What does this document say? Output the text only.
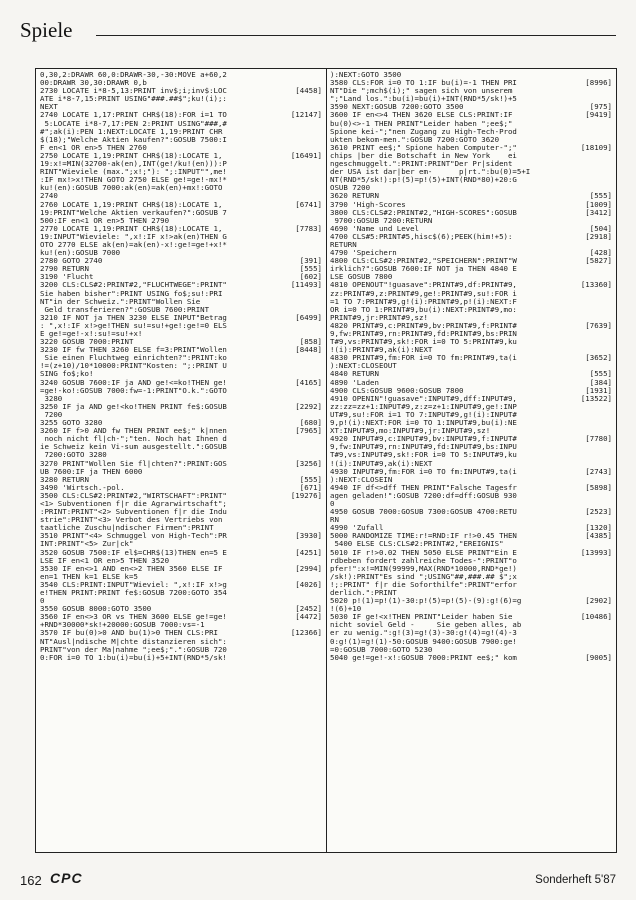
Spiele
0,30,2:DRAWR 60,0:DRAWR-30,-30:MOVE a+60,2
00:DRAWR 30,30:DRAWR 0,b
2730 LOCATE i*8-5,13:PRINT inv$;i;inv$:LOC	[4458]
ATE i*8-7,15:PRINT USING"###.##$";ku!(i);:
NEXT
2740 LOCATE 1,17:PRINT CHR$(18):FOR i=1 TO	[12147]
5:LOCATE i*8-7,17:PEN 2:PRINT USING"###,#
#";ak(i):PEN 1:NEXT:LOCATE 1,19:PRINT CHR
$(18);"Welche Aktien kaufen?":GOSUB 7500:I
F en<1 OR en>5 THEN 2760
2750 LOCATE 1,19:PRINT CHR$(18):LOCATE 1,	[16491]
19:x!=MIN(32700-ak(en),INT(ge!/ku!(en))):P
RINT"Wieviele (max.";x!;"): ";:INPUT"",me!
:IF mx!>x!THEN GOTO 2750 ELSE ge!=ge!-mx!*
ku!(en):GOSUB 7000:ak(en)=ak(en)+mx!:GOTO
2740
2760 LOCATE 1,19:PRINT CHR$(18):LOCATE 1,	[6741]
19:PRINT"Welche Aktien verkaufen?":GOSUB 7
500:IF en<1 OR en>5 THEN 2790
2770 LOCATE 1,19:PRINT CHR$(18):LOCATE 1,	[7783]
19:INPUT"Wieviele: ",x!:IF x!>ak(en)THEN G
OTO 2770 ELSE ak(en)=ak(en)-x!:ge!=ge!+x!*
ku!(en):GOSUB 7000
2780 GOTO 2740	[391]
2790 RETURN	[555]
3190 'Flucht	[602]
3200 CLS:CLS#2:PRINT#2,"FLUCHTWEGE":PRINT"	[11493]
Sie haben bisher":PRINT USING fo$;su!:PRI
NT"in der Schweiz.":PRINT"Wollen Sie
Geld transferieren?":GOSUB 7600:PRINT
3210 IF NOT ja THEN 3230 ELSE INPUT"Betrag	[6499]
: ",x!:IF x!>ge!THEN su!=su!+ge!:ge!=0 ELS
E ge!=ge!-x!:su!=su!+x!
3220 GOSUB 7000:PRINT	[858]
3230 IF fw THEN 3260 ELSE f=3:PRINT"Wollen	[8448]
Sie einen Fluchtweg einrichten?":PRINT:ko
!=(z+10)/10*10000:PRINT"Kosten: ";:PRINT U
SING fo$;ko!
3240 GOSUB 7600:IF ja AND ge!<=ko!THEN ge!	[4165]
=ge!-ko!:GOSUB 7000:fw=-1:PRINT"O.k.":GOTO
3280
3250 IF ja AND ge!<ko!THEN PRINT fe$:GOSUB	[2292]
7200
3255 GOTO 3280	[680]
3260 IF f>0 AND fw THEN PRINT ee$;" k|nnen	[7965]
noch nicht fl|ch-";"ten. Noch hat Ihnen d
ie Schweiz kein Vi-sum ausgestellt.":GOSUB
7200:GOTO 3280
3270 PRINT"Wollen Sie fl|chten?":PRINT:GOS	[3256]
UB 7600:IF ja THEN 6000
3280 RETURN	[555]
3490 'Wirtsch.-pol.	[671]
3500 CLS:CLS#2:PRINT#2,"WIRTSCHAFT":PRINT"	[19276]
<1> Subventionen f|r die Agrarwirtschaft";
:PRINT:PRINT"<2> Subventionen f|r die Indu
strie":PRINT"<3> Verbot des Vertriebs von
taatliche Zuschu|ndischer Firmen":PRINT
3510 PRINT"<4> Schmuggel von High-Tech":PR	[3930]
INT:PRINT"<5> Zur|ck"
3520 GOSUB 7500:IF el$=CHR$(13)THEN en=5 E	[4251]
LSE IF en<1 OR en>5 THEN 3520
3530 IF en<>1 AND en<>2 THEN 3560 ELSE IF	[2994]
en=1 THEN k=1 ELSE k=5
3540 CLS:PRINT:INPUT"Wieviel: ",x!:IF x!>g	[4026]
e!THEN PRINT:PRINT fe$:GOSUB 7200:GOTO 354
0
3550 GOSUB 8000:GOTO 3500	[2452]
3560 IF en<>3 OR vs THEN 3600 ELSE ge!=ge!	[4472]
+RND*30000*sk!+20000:GOSUB 7000:vs=-1
3570 IF bu(0)>0 AND bu(1)>0 THEN CLS:PRI	[12366]
NT"Ausl|ndische M|chte distanzieren sich":
PRINT"von der Ma|nahme ";ee$;".":GOSUB 720
0:FOR i=0 TO 1:bu(i)=bu(i)+5+INT(RND*5/sk!
):NEXT:GOTO 3500
3580 CLS:FOR i=0 TO 1:IF bu(i)=-1 THEN PRI	[8996]
NT"Die ";mch$(i);" sagen sich von unserem
";"Land los.":bu(i)=bu(i)+INT(RND*5/sk!)+5
3590 NEXT:GOSUB 7200:GOTO 3500	[975]
3600 IF en<>4 THEN 3620 ELSE CLS:PRINT:IF	[9419]
bu(0)<>-1 THEN PRINT"Leider haben ";ee$;"
Spione kei-";"nen Zugang zu High-Tech-Prod
ukten bekom-men.":GOSUB 7200:GOTO 3620
3610 PRINT ee$;" Spione haben Computer-";"	[18109]
chips |ber die Botschaft in New York    ei
ngeschmuggelt.":PRINT:PRINT"Der Pr|sident
der USA ist dar|ber em-      p|rt.":bu(0)=5+I
NT(RND*5/sk!):p!(5)=p!(5)+INT(RND*80)+20:G
OSUB 7200
3620 RETURN	[555]
3790 'High-Scores	[1009]
3800 CLS:CLS#2:PRINT#2,"HIGH-SCORES":GOSUB	[3412]
9700:GOSUB 7200:RETURN
4690 'Name und Level	[504]
4700 CLS#5:PRINT#5,hisc$(6);PEEK(him!+5):	[2918]
RETURN
4790 'Speichern	[428]
4800 CLS:CLS#2:PRINT#2,"SPEICHERN":PRINT"W	[5827]
irklich?":GOSUB 7600:IF NOT ja THEN 4840 E
LSE GOSUB 7800
4810 OPENOUT"!guasave":PRINT#9,df:PRINT#9,	[13360]
zz:PRINT#9,z:PRINT#9,ge!:PRINT#9,su!:FOR i
=1 TO 7:PRINT#9,g!(i):PRINT#9,p!(i):NEXT:F
OR i=0 TO 1:PRINT#9,bu(i):NEXT:PRINT#9,mo:
PRINT#9,jr:PRINT#9,sz!
4820 PRINT#9,c:PRINT#9,bv:PRINT#9,f:PRINT#	[7639]
9,fw:PRINT#9,rn:PRINT#9,fd:PRINT#9,bs:PRIN
T#9,vs:PRINT#9,sk!:FOR i=0 TO 5:PRINT#9,ku
!(i):PRINT#9,ak(i):NEXT
4830 PRINT#9,fm:FOR i=0 TO fm:PRINT#9,ta(i	[3652]
):NEXT:CLOSEOUT
4840 RETURN	[555]
4890 'Laden	[384]
4900 CLS:GOSUB 9600:GOSUB 7800	[1931]
4910 OPENIN"!guasave":INPUT#9,dff:INPUT#9,	[13522]
zz:zz=zz+1:INPUT#9,z:z=z+1:INPUT#9,ge!:INP
UT#9,su!:FOR i=1 TO 7:INPUT#9,g!(i):INPUT#
9,p!(i):NEXT:FOR i=0 TO 1:INPUT#9,bu(i):NE
XT:INPUT#9,mo:INPUT#9,jr:INPUT#9,sz!
4920 INPUT#9,c:INPUT#9,bv:INPUT#9,f:INPUT#	[7780]
9,fw:INPUT#9,rn:INPUT#9,fd:INPUT#9,bs:INPU
T#9,vs:INPUT#9,sk!:FOR i=0 TO 5:INPUT#9,ku
!(i):INPUT#9,ak(i):NEXT
4930 INPUT#9,fm:FOR i=0 TO fm:INPUT#9,ta(i	[2743]
):NEXT:CLOSEIN
4940 IF df<>dff THEN PRINT"Falsche Tagesfr	[5898]
agen geladen!":GOSUB 7200:df=dff:GOSUB 930
0
4950 GOSUB 7000:GOSUB 7300:GOSUB 4700:RETU	[2523]
RN
4990 'Zufall	[1320]
5000 RANDOMIZE TIME:r!=RND:IF r!>0.45 THEN	[4385]
5400 ELSE CLS:CLS#2:PRINT#2,"EREIGNIS"
5010 IF r!>0.02 THEN 5050 ELSE PRINT"Ein E	[13993]
rdbeben fordert zahlreiche Todes-":PRINT"o
pfer!":x!=MIN(99999,MAX(RND*10000,RND*ge!)
/sk!):PRINT"Es sind ";USING"##,###.## $";x
!;:PRINT" f|r die Soforthilfe":PRINT"erfor
derlich.":PRINT
5020 p!(1)=p!(1)-30:p!(5)=p!(5)-(9):g!(6)=g	[2902]
!(6)+10
5030 IF ge!<x!THEN PRINT"Leider haben Sie	[10486]
nicht soviel Geld -     Sie geben alles, ab
er zu wenig.":g!(3)=g!(3)-30:g!(4)=g!(4)-3
0:g!(1)=g!(1)-50:GOSUB 9400:GOSUB 7900:ge!
=0:GOSUB 7000:GOTO 5230
5040 ge!=ge!-x!:GOSUB 7000:PRINT ee$;" kom	[9005]
162 CPC	Sonderheft 5'87
